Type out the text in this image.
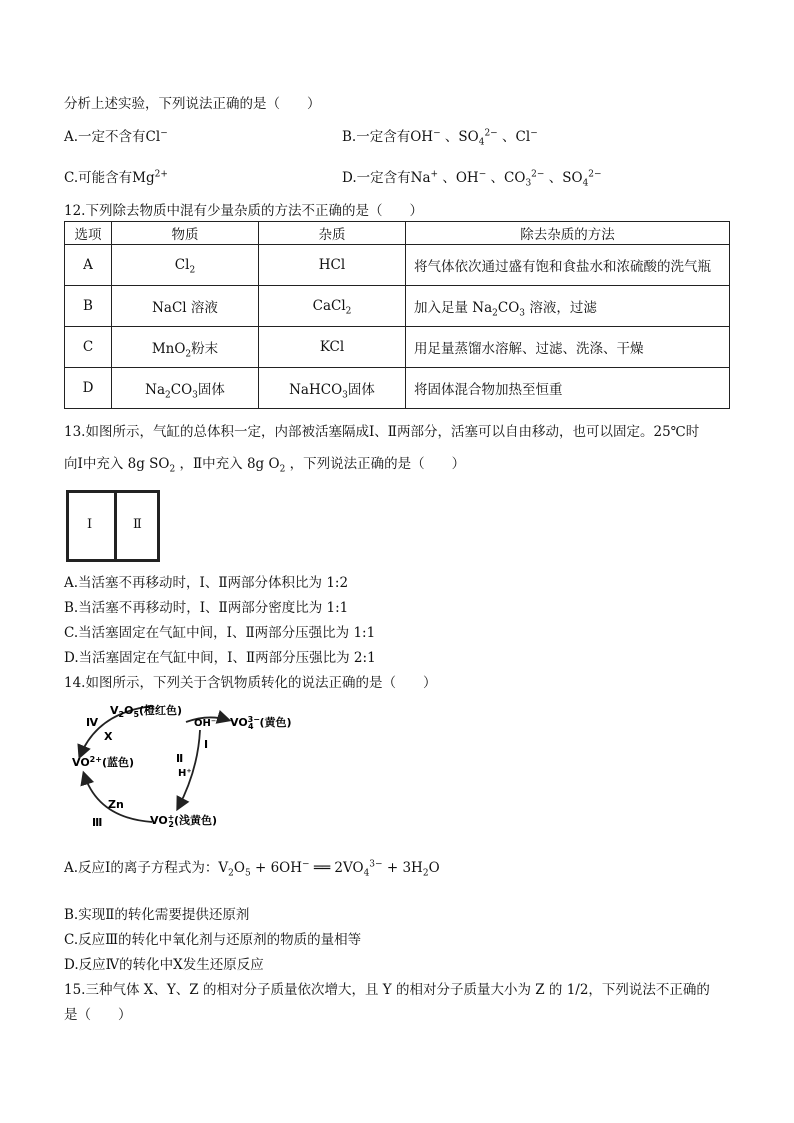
分析上述实验，下列说法正确的是（　　）
A.一定不含有Cl−	B.一定含有OH− 、$SO_4^{2-}$ 、Cl−
C.可能含有$Mg^{2+}$	D.一定含有Na+ 、OH− 、$CO_3^{2-}$ 、$SO_4^{2-}$
12.下列除去物质中混有少量杂质的方法不正确的是（　　）
选项	物质	杂质	除去杂质的方法
A	$Cl_2$	HCl	将气体依次通过盛有饱和食盐水和浓硫酸的洗气瓶
B	NaCl 溶液	CaCl$_2$	加入足量 $Na_2CO_3$ 溶液，过滤
C	MnO$_2$粉末	KCl	用足量蒸馏水溶解、过滤、洗涤、干燥
D	$Na_2CO_3$固体	NaHCO$_3$固体	将固体混合物加热至恒重
13.如图所示，气缸的总体积一定，内部被活塞隔成Ⅰ、Ⅱ两部分，活塞可以自由移动，也可以固定。25℃时
向Ⅰ中充入 8g $SO_2$ ，Ⅱ中充入 8g $O_2$ ，下列说法正确的是（　　）
Ⅰ	Ⅱ
A.当活塞不再移动时，Ⅰ、Ⅱ两部分体积比为 1:2
B.当活塞不再移动时，Ⅰ、Ⅱ两部分密度比为 1:1
C.当活塞固定在气缸中间，Ⅰ、Ⅱ两部分压强比为 1:1
D.当活塞固定在气缸中间，Ⅰ、Ⅱ两部分压强比为 2:1
14.如图所示，下列关于含钒物质转化的说法正确的是（　　）
$V_2O_5$(橙红色)
$VO^{3-}$ 4 (黄色)
$VO^{2+}$(蓝色)
VO+ 2(浅黄色)
Ⅳ
X
OH⁻
Ⅰ
Ⅱ
H⁺
Zn
Ⅲ
A.反应Ⅰ的离子方程式为：$V_2O_5 + 6OH^-$ ══ $2VO_4^{3-} + 3H_2O$
B.实现Ⅱ的转化需要提供还原剂
C.反应Ⅲ的转化中氧化剂与还原剂的物质的量相等
D.反应Ⅳ的转化中X发生还原反应
15.三种气体 X、Y、Z 的相对分子质量依次增大，且 Y 的相对分子质量大小为 Z 的 1/2，下列说法不正确的
是（　　）
